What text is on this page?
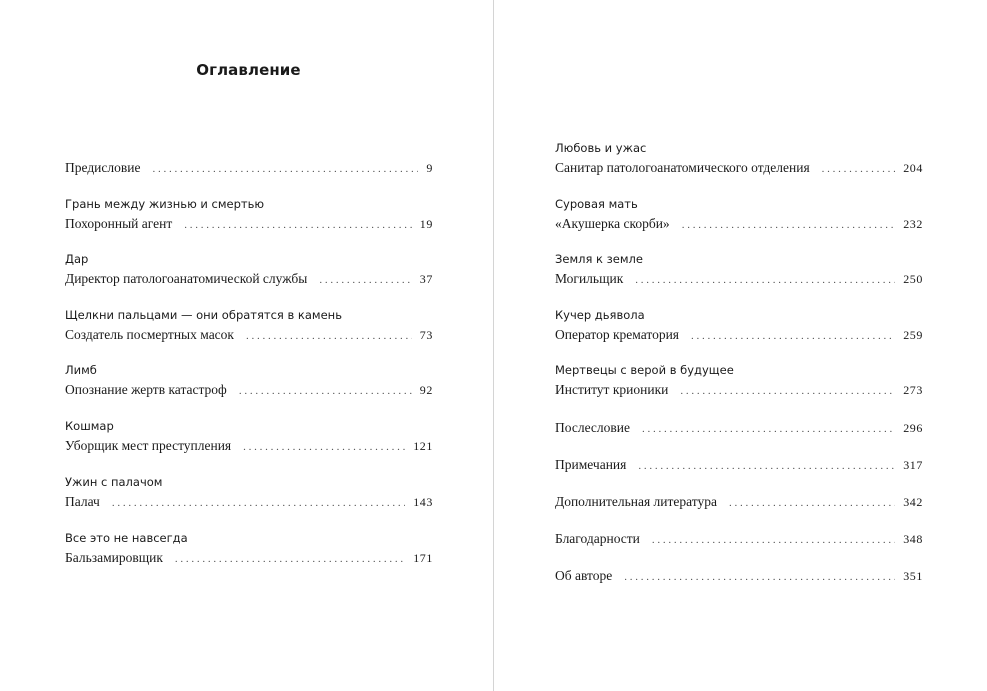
Оглавление
Предисловие . . .	9
Грань между жизнью и смертью
Похоронный агент . . .	19
Дар
Директор патологоанатомической службы . . .	37
Щелкни пальцами — они обратятся в камень
Создатель посмертных масок . . .	73
Лимб
Опознание жертв катастроф . . .	92
Кошмар
Уборщик мест преступления . . .	121
Ужин с палачом
Палач . . .	143
Все это не навсегда
Бальзамировщик . . .	171
Любовь и ужас
Санитар патологоанатомического отделения . . .	204
Суровая мать
«Акушерка скорби» . . .	232
Земля к земле
Могильщик . . .	250
Кучер дьявола
Оператор крематория . . .	259
Мертвецы с верой в будущее
Институт крионики . . .	273
Послесловие . . .	296
Примечания . . .	317
Дополнительная литература . . .	342
Благодарности . . .	348
Об авторе . . .	351
